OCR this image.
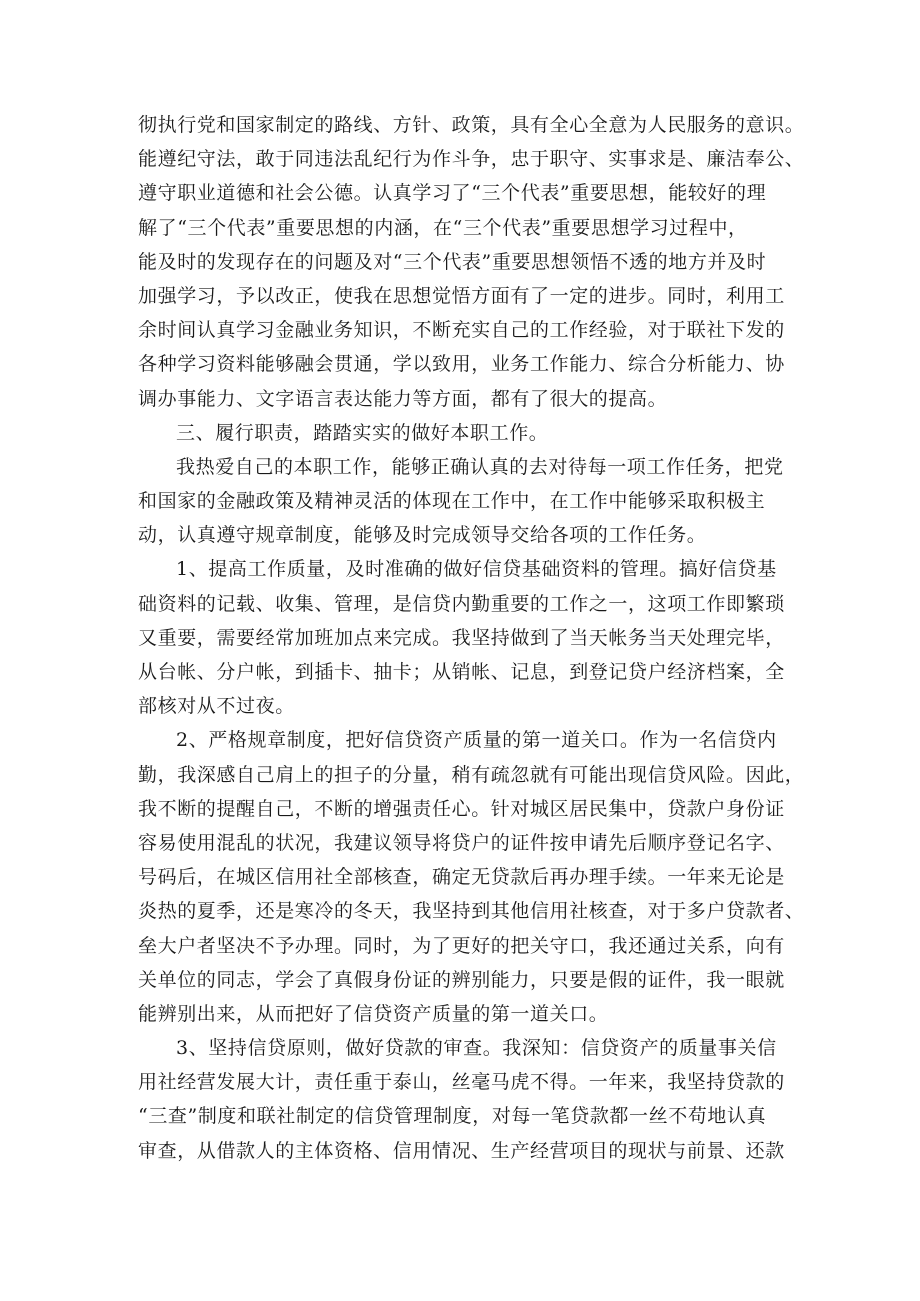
彻执行党和国家制定的路线、方针、政策，具有全心全意为人民服务的意识。
能遵纪守法，敢于同违法乱纪行为作斗争，忠于职守、实事求是、廉洁奉公、
遵守职业道德和社会公德。认真学习了“三个代表”重要思想，能较好的理
解了“三个代表”重要思想的内涵，在“三个代表”重要思想学习过程中，
能及时的发现存在的问题及对“三个代表”重要思想领悟不透的地方并及时
加强学习，予以改正，使我在思想觉悟方面有了一定的进步。同时，利用工
余时间认真学习金融业务知识，不断充实自己的工作经验，对于联社下发的
各种学习资料能够融会贯通，学以致用，业务工作能力、综合分析能力、协
调办事能力、文字语言表达能力等方面，都有了很大的提高。
三、履行职责，踏踏实实的做好本职工作。
我热爱自己的本职工作，能够正确认真的去对待每一项工作任务，把党
和国家的金融政策及精神灵活的体现在工作中，在工作中能够采取积极主
动，认真遵守规章制度，能够及时完成领导交给各项的工作任务。
1、提高工作质量，及时准确的做好信贷基础资料的管理。搞好信贷基
础资料的记载、收集、管理，是信贷内勤重要的工作之一，这项工作即繁琐
又重要，需要经常加班加点来完成。我坚持做到了当天帐务当天处理完毕，
从台帐、分户帐，到插卡、抽卡；从销帐、记息，到登记贷户经济档案，全
部核对从不过夜。
2、严格规章制度，把好信贷资产质量的第一道关口。作为一名信贷内
勤，我深感自己肩上的担子的分量，稍有疏忽就有可能出现信贷风险。因此，
我不断的提醒自己，不断的增强责任心。针对城区居民集中，贷款户身份证
容易使用混乱的状况，我建议领导将贷户的证件按申请先后顺序登记名字、
号码后，在城区信用社全部核查，确定无贷款后再办理手续。一年来无论是
炎热的夏季，还是寒冷的冬天，我坚持到其他信用社核查，对于多户贷款者、
垒大户者坚决不予办理。同时，为了更好的把关守口，我还通过关系，向有
关单位的同志，学会了真假身份证的辨别能力，只要是假的证件，我一眼就
能辨别出来，从而把好了信贷资产质量的第一道关口。
3、坚持信贷原则，做好贷款的审查。我深知：信贷资产的质量事关信
用社经营发展大计，责任重于泰山，丝毫马虎不得。一年来，我坚持贷款的
“三查”制度和联社制定的信贷管理制度，对每一笔贷款都一丝不苟地认真
审查，从借款人的主体资格、信用情况、生产经营项目的现状与前景、还款
